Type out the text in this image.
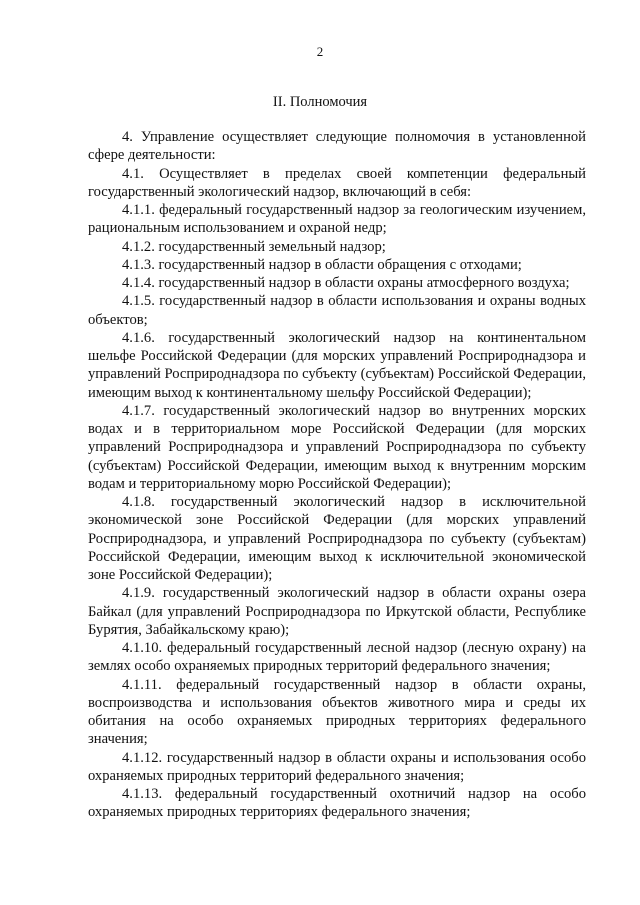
2
II. Полномочия

4. Управление осуществляет следующие полномочия в установленной сфере деятельности:

4.1. Осуществляет в пределах своей компетенции федеральный государственный экологический надзор, включающий в себя:

4.1.1. федеральный государственный надзор за геологическим изучением, рациональным использованием и охраной недр;

4.1.2. государственный земельный надзор;

4.1.3. государственный надзор в области обращения с отходами;

4.1.4. государственный надзор в области охраны атмосферного воздуха;

4.1.5. государственный надзор в области использования и охраны водных объектов;

4.1.6. государственный экологический надзор на континентальном шельфе Российской Федерации (для морских управлений Росприроднадзора и управлений Росприроднадзора по субъекту (субъектам) Российской Федерации, имеющим выход к континентальному шельфу Российской Федерации);

4.1.7. государственный экологический надзор во внутренних морских водах и в территориальном море Российской Федерации (для морских управлений Росприроднадзора и управлений Росприроднадзора по субъекту (субъектам) Российской Федерации, имеющим выход к внутренним морским водам и территориальному морю Российской Федерации);

4.1.8. государственный экологический надзор в исключительной экономической зоне Российской Федерации (для морских управлений Росприроднадзора, и управлений Росприроднадзора по субъекту (субъектам) Российской Федерации, имеющим выход к исключительной экономической зоне Российской Федерации);

4.1.9. государственный экологический надзор в области охраны озера Байкал (для управлений Росприроднадзора по Иркутской области, Республике Бурятия, Забайкальскому краю);

4.1.10. федеральный государственный лесной надзор (лесную охрану) на землях особо охраняемых природных территорий федерального значения;

4.1.11. федеральный государственный надзор в области охраны, воспроизводства и использования объектов животного мира и среды их обитания на особо охраняемых природных территориях федерального значения;

4.1.12. государственный надзор в области охраны и использования особо охраняемых природных территорий федерального значения;

4.1.13. федеральный государственный охотничий надзор на особо охраняемых природных территориях федерального значения;
